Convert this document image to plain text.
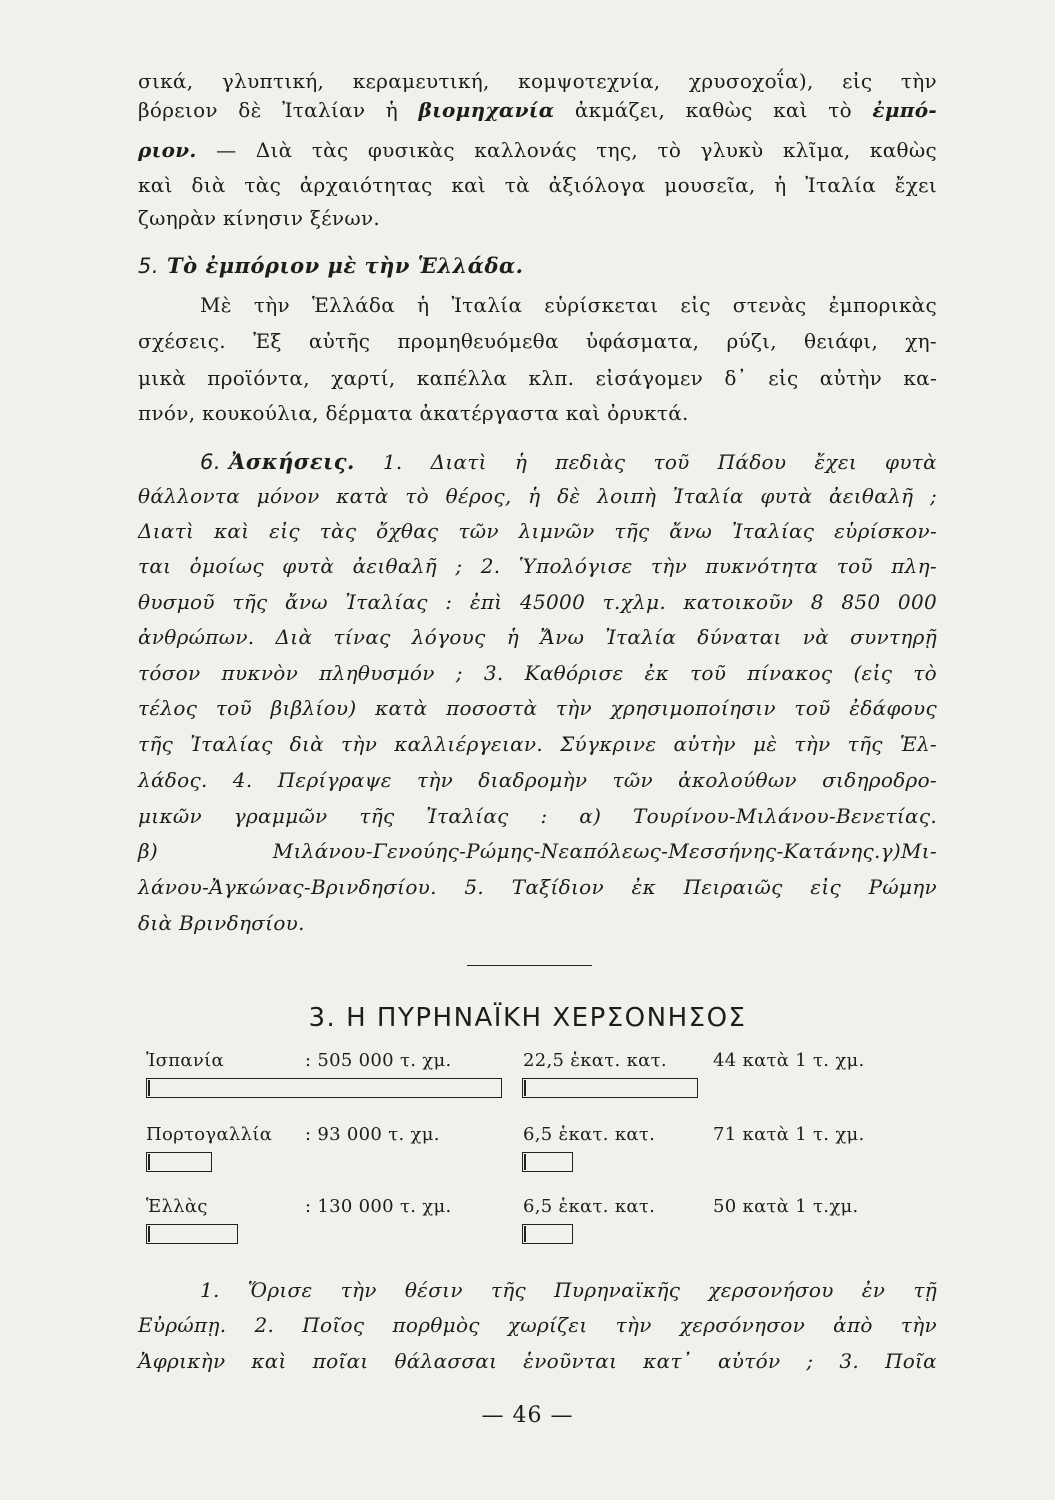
σικά, γλυπτική, κεραμευτική, κομψοτεχνία, χρυσοχοΐα), εἰς τὴν
βόρειον δὲ Ἰταλίαν ἡ βιομηχανία ἀκμάζει, καθὼς καὶ τὸ ἐμπό-
ριον. — Διὰ τὰς φυσικὰς καλλονάς της, τὸ γλυκὺ κλῖμα, καθὼς
καὶ διὰ τὰς ἀρχαιότητας καὶ τὰ ἀξιόλογα μουσεῖα, ἡ Ἰταλία ἔχει
ζωηρὰν κίνησιν ξένων.
5. Τὸ ἐμπόριον μὲ τὴν Ἑλλάδα.
Μὲ τὴν Ἑλλάδα ἡ Ἰταλία εὑρίσκεται εἰς στενὰς ἐμπορικὰς
σχέσεις. Ἐξ αὐτῆς προμηθευόμεθα ὑφάσματα, ρύζι, θειάφι, χη-
μικὰ προϊόντα, χαρτί, καπέλλα κλπ. εἰσάγομεν δ᾽ εἰς αὐτὴν κα-
πνόν, κουκούλια, δέρματα ἀκατέργαστα καὶ ὀρυκτά.
6. Ἀσκήσεις. 1. Διατὶ ἡ πεδιὰς τοῦ Πάδου ἔχει φυτὰ
θάλλοντα μόνον κατὰ τὸ θέρος, ἡ δὲ λοιπὴ Ἰταλία φυτὰ ἀειθαλῆ ;
Διατὶ καὶ εἰς τὰς ὄχθας τῶν λιμνῶν τῆς ἄνω Ἰταλίας εὑρίσκον-
ται ὁμοίως φυτὰ ἀειθαλῆ ; 2. Ὑπολόγισε τὴν πυκνότητα τοῦ πλη-
θυσμοῦ τῆς ἄνω Ἰταλίας : ἐπὶ 45000 τ.χλμ. κατοικοῦν 8 850 000
ἀνθρώπων. Διὰ τίνας λόγους ἡ Ἄνω Ἰταλία δύναται νὰ συντηρῇ
τόσον πυκνὸν πληθυσμόν ; 3. Καθόρισε ἐκ τοῦ πίνακος (εἰς τὸ
τέλος τοῦ βιβλίου) κατὰ ποσοστὰ τὴν χρησιμοποίησιν τοῦ ἐδάφους
τῆς Ἰταλίας διὰ τὴν καλλιέργειαν. Σύγκρινε αὐτὴν μὲ τὴν τῆς Ἑλ-
λάδος. 4. Περίγραψε τὴν διαδρομὴν τῶν ἀκολούθων σιδηροδρο-
μικῶν γραμμῶν τῆς Ἰταλίας : α) Τουρίνου-Μιλάνου-Βενετίας.
β) Μιλάνου-Γενούης-Ρώμης-Νεαπόλεως-Μεσσήνης-Κατάνης.γ)Μι-
λάνου-Ἀγκώνας-Βρινδησίου. 5. Ταξίδιον ἐκ Πειραιῶς εἰς Ρώμην
διὰ Βρινδησίου.
3. Η ΠΥΡΗΝΑΪΚΗ ΧΕΡΣΟΝΗΣΟΣ
Ἰσπανία	: 505 000 τ. χμ.	22,5 ἑκατ. κατ.	44 κατὰ 1 τ. χμ.
Πορτογαλλία : 93 000 τ. χμ.	6,5 ἑκατ. κατ.	71 κατὰ 1 τ. χμ.
Ἑλλὰς	: 130 000 τ. χμ.	6,5 ἑκατ. κατ.	50 κατὰ 1 τ.χμ.
1. Ὅρισε τὴν θέσιν τῆς Πυρηναϊκῆς χερσονήσου ἐν τῇ
Εὐρώπῃ. 2. Ποῖος πορθμὸς χωρίζει τὴν χερσόνησον ἀπὸ τὴν
Ἀφρικὴν καὶ ποῖαι θάλασσαι ἑνοῦνται κατ᾽ αὐτόν ; 3. Ποῖα
— 46 —
